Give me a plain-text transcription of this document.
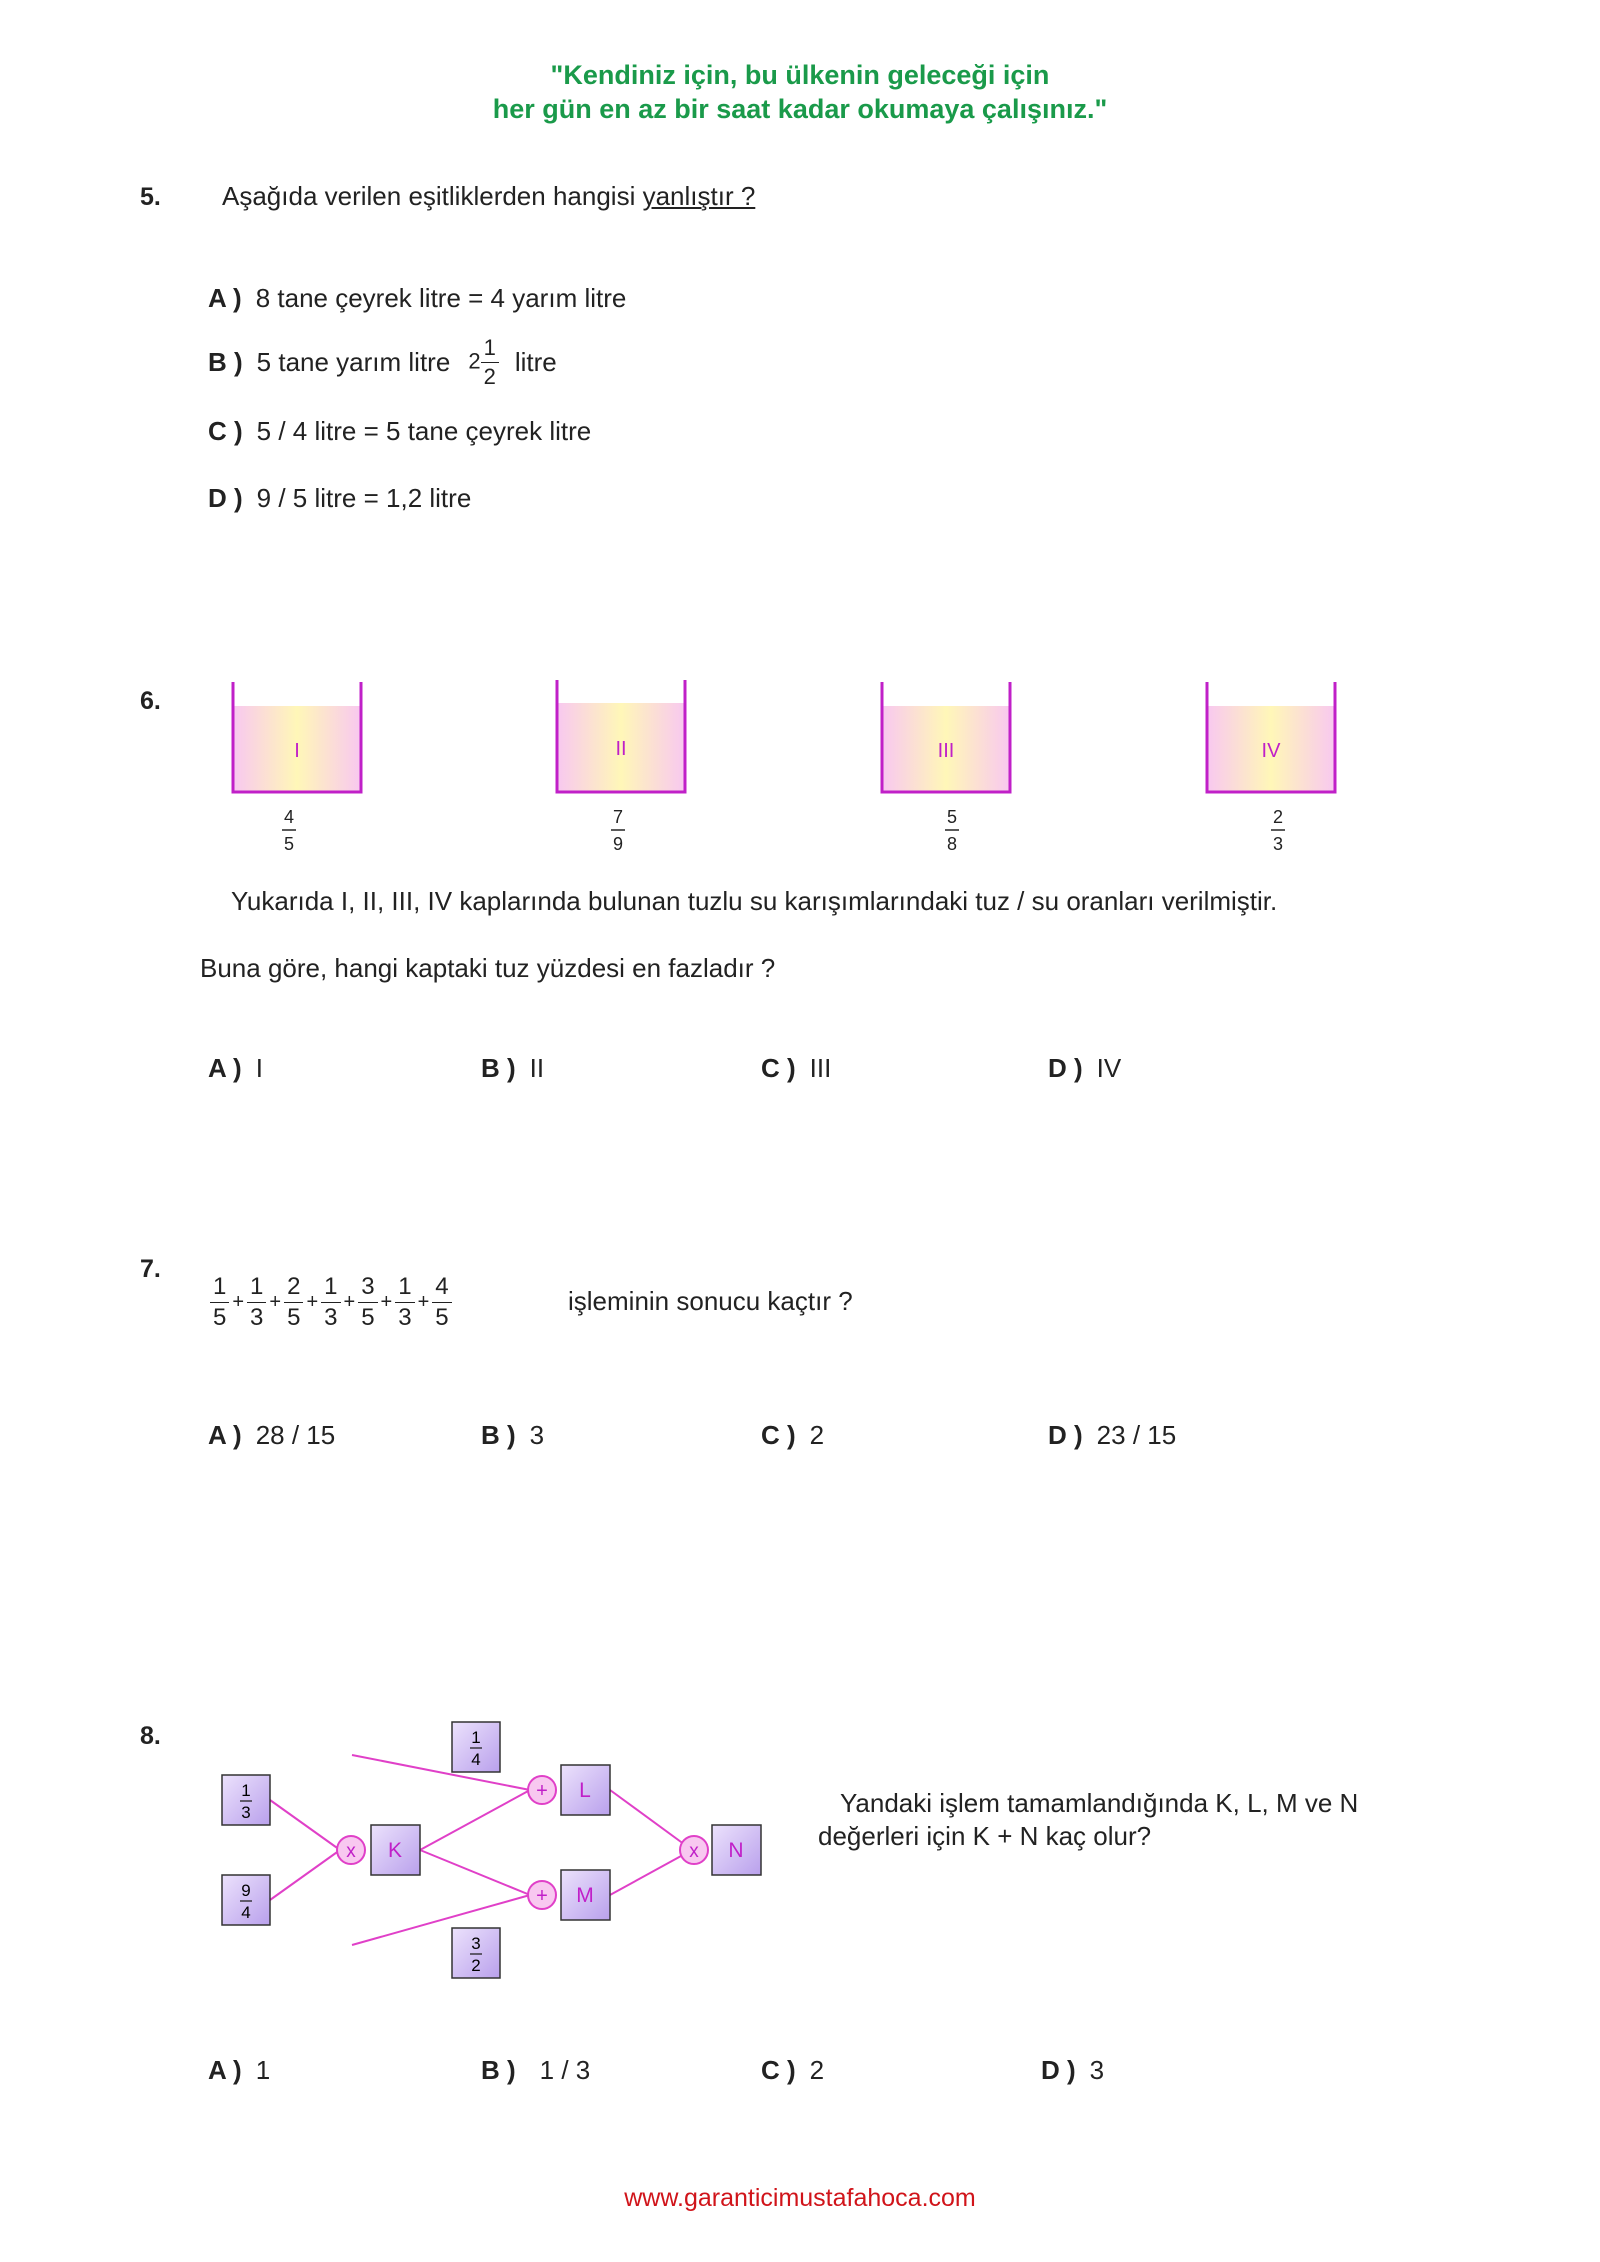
"Kendiniz için, bu ülkenin geleceği için
her gün en az bir saat kadar okumaya çalışınız."
5. Aşağıda verilen eşitliklerden hangisi yanlıştır ?
A ) 8 tane çeyrek litre = 4 yarım litre
B ) 5 tane yarım litre $2 \frac{1}{2}$ litre
C ) 5 / 4 litre = 5 tane çeyrek litre
D ) 9 / 5 litre = 1,2 litre
6.
I
4
5
II
7
9
III
5
8
IV
2
3
Yukarıda I, II, III, IV kaplarında bulunan tuzlu su karışımlarındaki tuz / su oranları verilmiştir.
Buna göre, hangi kaptaki tuz yüzdesi en fazladır ?
A ) I	B ) II	C ) III	D ) IV
7.
$\frac{1}{5} + \frac{1}{3} + \frac{2}{5} + \frac{1}{3} + \frac{3}{5} + \frac{1}{3} + \frac{4}{5}$	işleminin sonucu kaçtır ?
A ) 28 / 15	B ) 3	C ) 2	D ) 23 / 15
8.
1
3
9
4
1
4
3
2
x K
+ L
+ M
x N
Yandaki işlem tamamlandığında K, L, M ve N
değerleri için K + N kaç olur?
A ) 1	B ) 1 / 3	C ) 2	D ) 3
www.garanticimustafahoca.com
